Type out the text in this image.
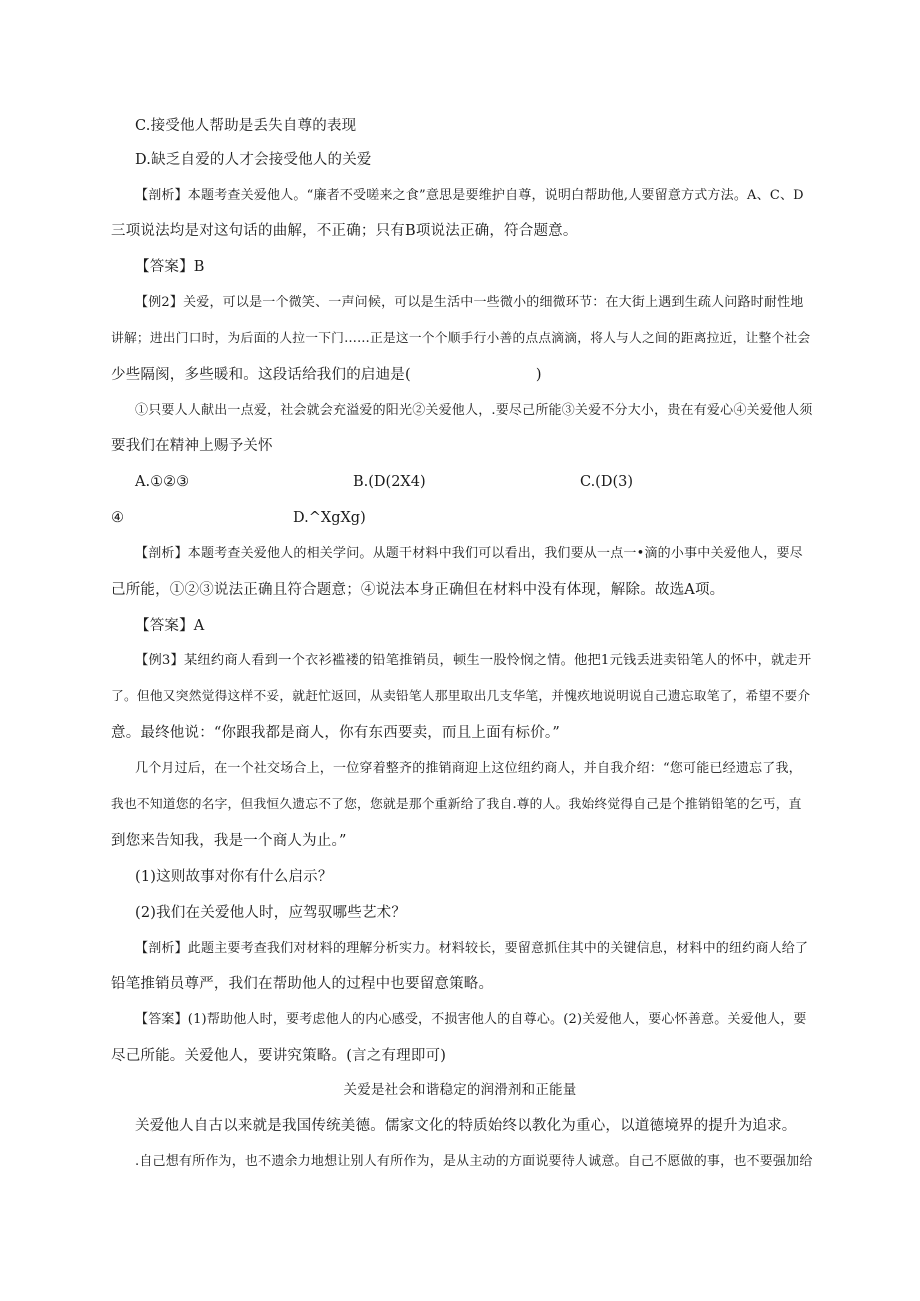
C.接受他人帮助是丢失自尊的表现
D.缺乏自爱的人才会接受他人的关爱
【剖析】本题考查关爱他人。“廉者不受嗟来之食”意思是要维护自尊，说明白帮助他,人要留意方式方法。A、C、D
三项说法均是对这句话的曲解，不正确；只有B项说法正确，符合题意。
【答案】B
【例2】关爱，可以是一个微笑、一声问候，可以是生活中一些微小的细微环节：在大街上遇到生疏人问路时耐性地
讲解；进出门口时，为后面的人拉一下门……正是这一个个顺手行小善的点点滴滴，将人与人之间的距离拉近，让整个社会
少些隔阂，多些暖和。这段话给我们的启迪是(                          )
①只要人人献出一点爱，社会就会充溢爱的阳光②关爱他人，.要尽己所能③关爱不分大小，贵在有爱心④关爱他人须
要我们在精神上赐予关怀
A.①②③	B.(D(2X4)	C.(D(3)
④	D.^XgXg)
【剖析】本题考查关爱他人的相关学问。从题干材料中我们可以看出，我们要从一点一•滴的小事中关爱他人，要尽
己所能，①②③说法正确且符合题意；④说法本身正确但在材料中没有体现，解除。故选A项。
【答案】A
【例3】某纽约商人看到一个衣衫褴褛的铅笔推销员，顿生一股怜悯之情。他把1元钱丢进卖铅笔人的怀中，就走开
了。但他又突然觉得这样不妥，就赶忙返回，从卖铅笔人那里取出几支华笔，并愧疚地说明说自己遗忘取笔了，希望不要介
意。最终他说：“你跟我都是商人，你有东西要卖，而且上面有标价。”
几个月过后，在一个社交场合上，一位穿着整齐的推销商迎上这位纽约商人，并自我介绍：“您可能已经遗忘了我，
我也不知道您的名字，但我恒久遗忘不了您，您就是那个重新给了我自.尊的人。我始终觉得自己是个推销铅笔的乞丐，直
到您来告知我，我是一个商人为止。”
(1)这则故事对你有什么启示？
(2)我们在关爱他人时，应驾驭哪些艺术？
【剖析】此题主要考查我们对材料的理解分析实力。材料较长，要留意抓住其中的关键信息，材料中的纽约商人给了
铅笔推销员尊严，我们在帮助他人的过程中也要留意策略。
【答案】(1)帮助他人时，要考虑他人的内心感受，不损害他人的自尊心。(2)关爱他人，要心怀善意。关爱他人，要
尽己所能。关爱他人，要讲究策略。(言之有理即可)
关爱是社会和谐稳定的润滑剂和正能量
关爱他人自古以来就是我国传统美德。儒家文化的特质始终以教化为重心，以道德境界的提升为追求。
.自己想有所作为，也不遗余力地想让别人有所作为，是从主动的方面说要待人诚意。自己不愿做的事，也不要强加给
